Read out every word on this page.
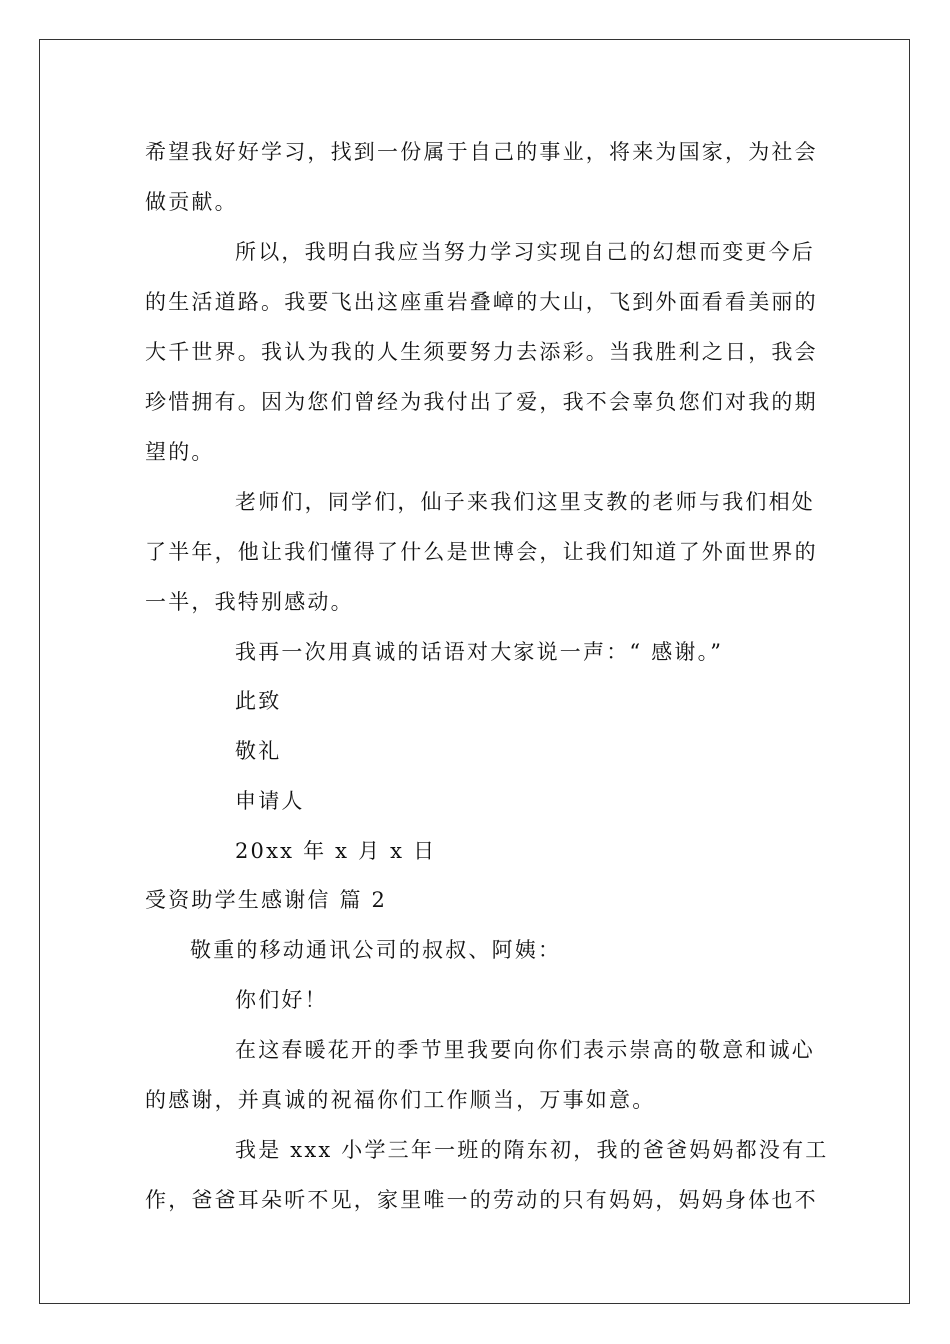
希望我好好学习，找到一份属于自己的事业，将来为国家，为社会
做贡献。
所以，我明白我应当努力学习实现自己的幻想而变更今后
的生活道路。我要飞出这座重岩叠嶂的大山，飞到外面看看美丽的
大千世界。我认为我的人生须要努力去添彩。当我胜利之日，我会
珍惜拥有。因为您们曾经为我付出了爱，我不会辜负您们对我的期
望的。
老师们，同学们，仙子来我们这里支教的老师与我们相处
了半年，他让我们懂得了什么是世博会，让我们知道了外面世界的
一半，我特别感动。
我再一次用真诚的话语对大家说一声：“ 感谢。”
此致
敬礼
申请人
20xx 年 x 月 x 日
受资助学生感谢信 篇 2
敬重的移动通讯公司的叔叔、阿姨：
你们好！
在这春暖花开的季节里我要向你们表示崇高的敬意和诚心
的感谢，并真诚的祝福你们工作顺当，万事如意。
我是 xxx 小学三年一班的隋东初，我的爸爸妈妈都没有工
作，爸爸耳朵听不见，家里唯一的劳动的只有妈妈，妈妈身体也不
